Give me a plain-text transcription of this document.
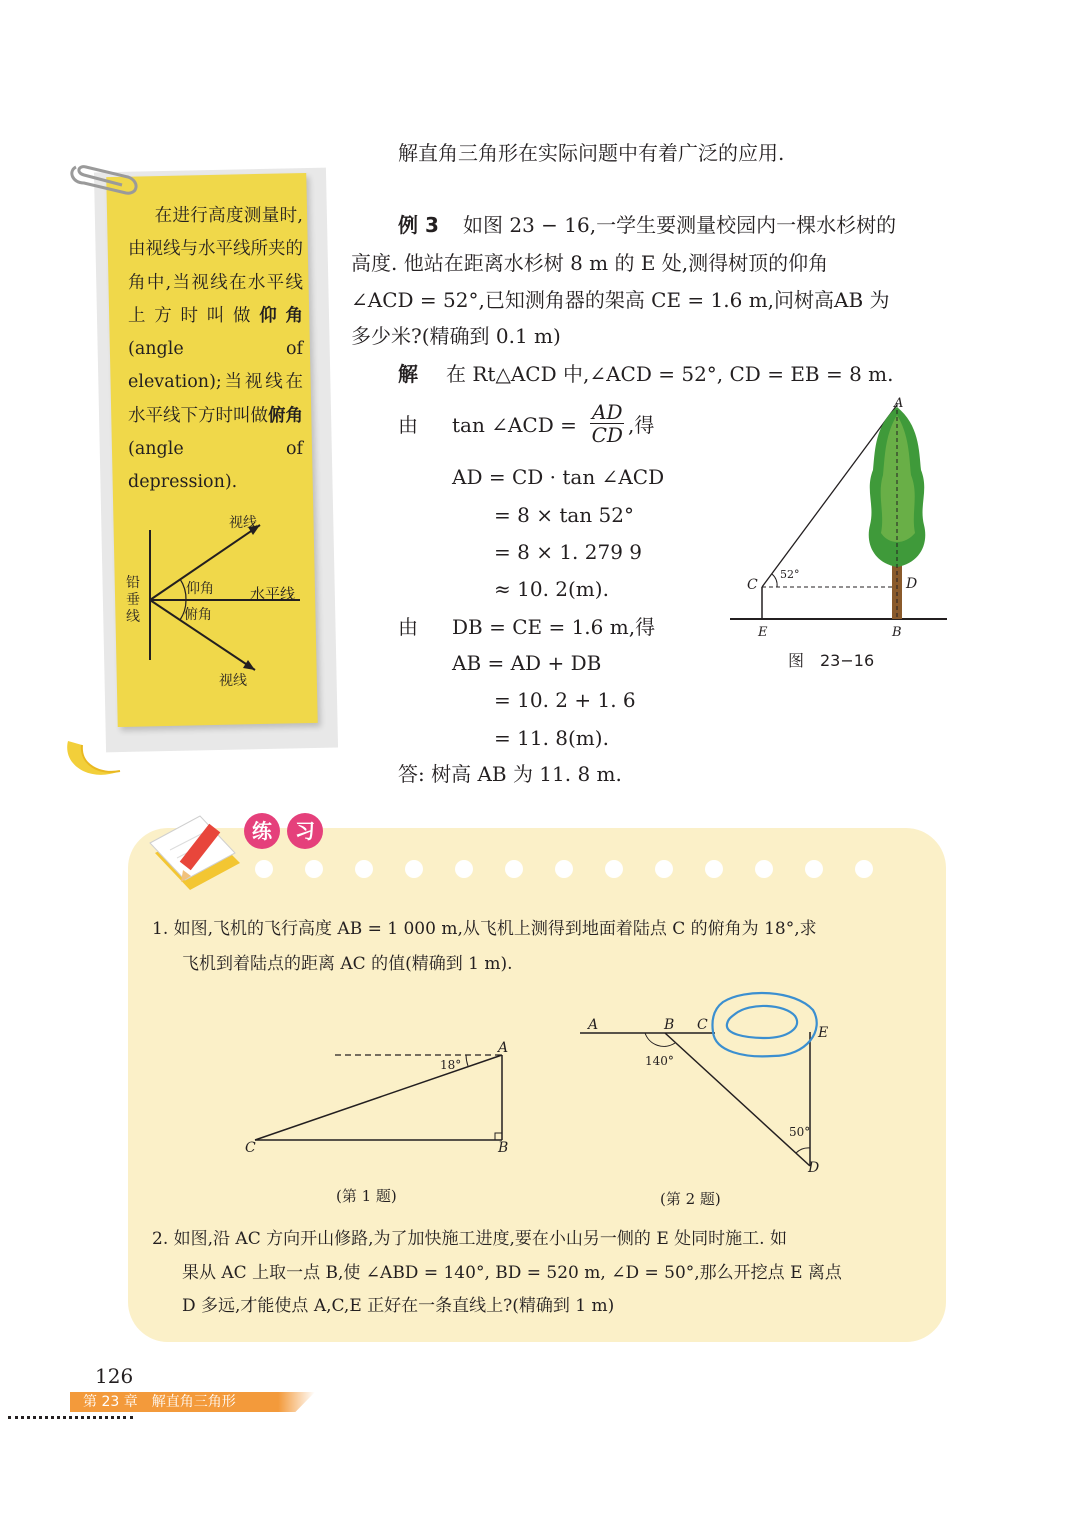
  在进行高度测量时,由视线与水平线所夹的角中,当视线在水平线上方时叫做仰角(angle of elevation);当视线在水平线下方时叫做俯角(angle of depression).
视线
仰角 水平线
铅垂线	俯角
视线
解直角三角形在实际问题中有着广泛的应用.
例 3 如图 23 − 16,一学生要测量校园内一棵水杉树的
高度. 他站在距离水杉树 8 m 的 E 处,测得树顶的仰角
∠ACD = 52°,已知测角器的架高 CE = 1.6 m,问树高AB 为
多少米?(精确到 0.1 m)
解 在 Rt△ACD 中,∠ACD = 52°, CD = EB = 8 m.
由 tan ∠ACD = $\frac{AD}{CD}$ ,得
AD = CD · tan ∠ACD
= 8 × tan 52°
= 8 × 1. 279 9
≈ 10. 2(m).
由 DB = CE = 1.6 m,得
AB = AD + DB
= 10. 2 + 1. 6
= 11. 8(m).
答: 树高 AB 为 11. 8 m.
A
C	D
E	B
52°
图　23−16
练	习
1. 如图,飞机的飞行高度 AB = 1 000 m,从飞机上测得到地面着陆点 C 的俯角为 18°,求
飞机到着陆点的距离 AC 的值(精确到 1 m).
A
B
C
18°
(第 1 题)
A	B C	E
D
140°
50°
(第 2 题)
2. 如图,沿 AC 方向开山修路,为了加快施工进度,要在小山另一侧的 E 处同时施工. 如
果从 AC 上取一点 B,使 ∠ABD = 140°, BD = 520 m, ∠D = 50°,那么开挖点 E 离点
D 多远,才能使点 A,C,E 正好在一条直线上?(精确到 1 m)
126
第 23 章　解直角三角形
